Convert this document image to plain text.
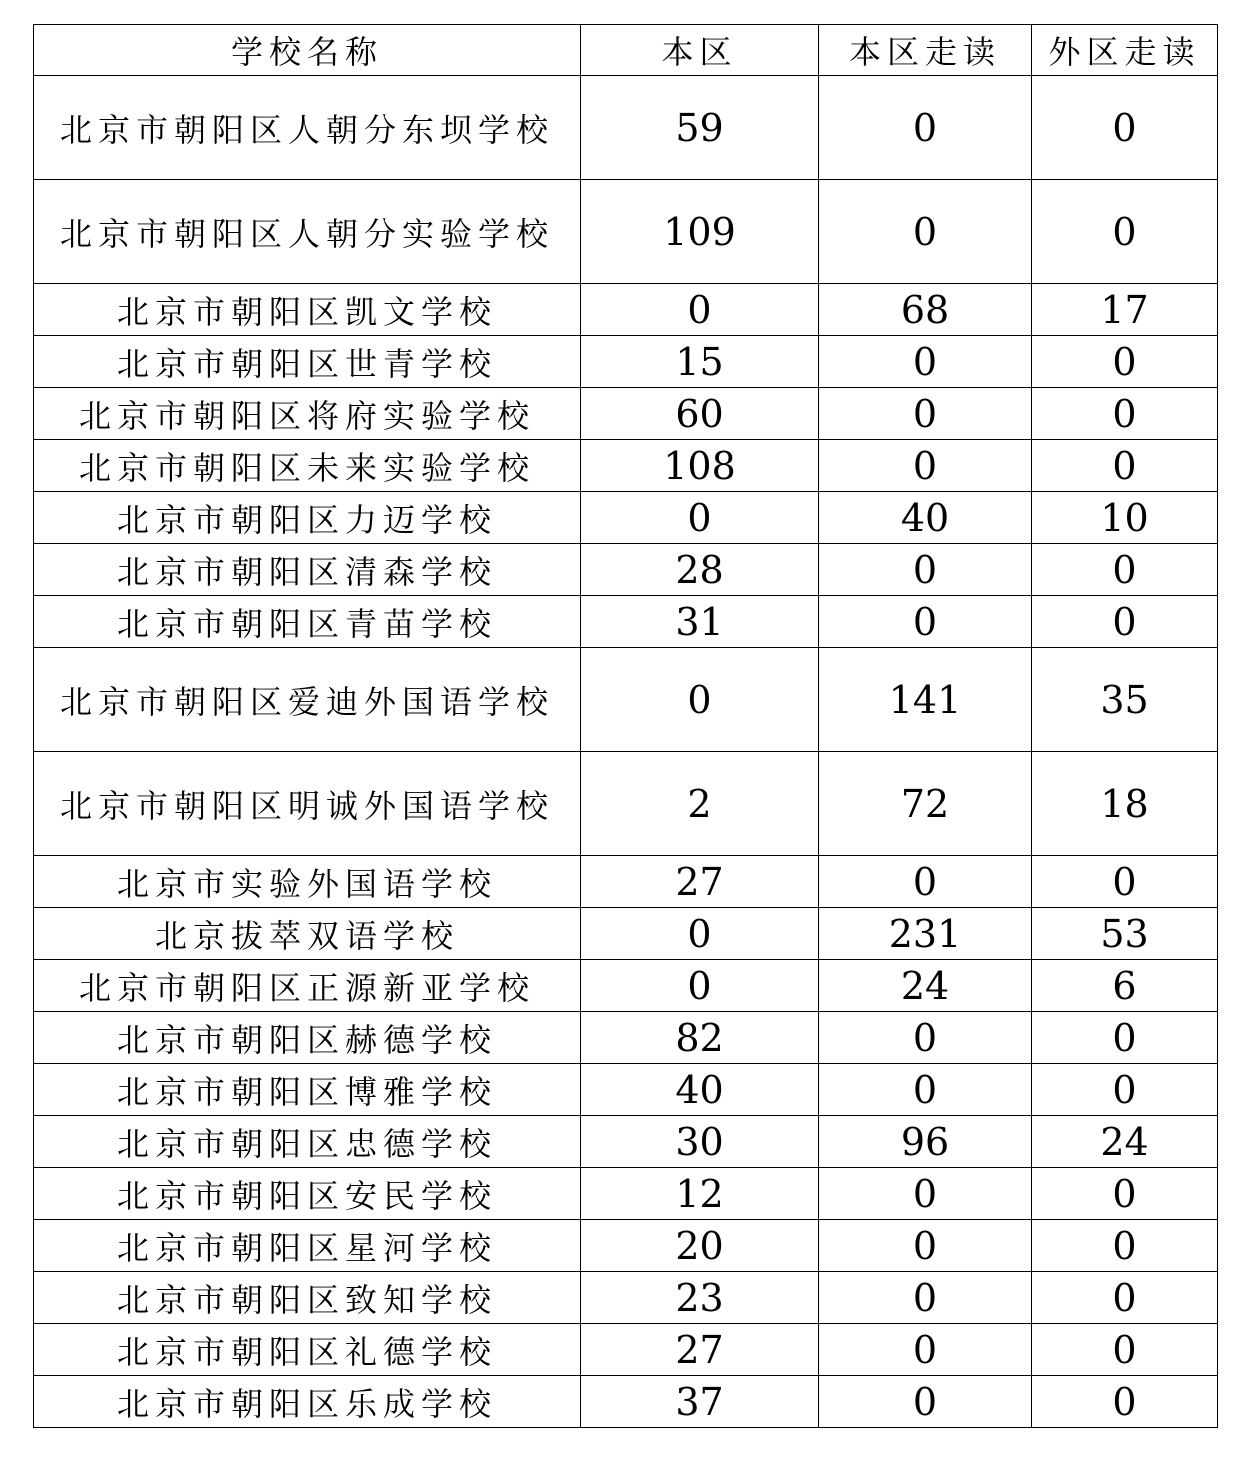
学校名称	本区	本区走读	外区走读
北京市朝阳区人朝分东坝学校	59	0	0
北京市朝阳区人朝分实验学校	109	0	0
北京市朝阳区凯文学校	0	68	17
北京市朝阳区世青学校	15	0	0
北京市朝阳区将府实验学校	60	0	0
北京市朝阳区未来实验学校	108	0	0
北京市朝阳区力迈学校	0	40	10
北京市朝阳区清森学校	28	0	0
北京市朝阳区青苗学校	31	0	0
北京市朝阳区爱迪外国语学校	0	141	35
北京市朝阳区明诚外国语学校	2	72	18
北京市实验外国语学校	27	0	0
北京拔萃双语学校	0	231	53
北京市朝阳区正源新亚学校	0	24	6
北京市朝阳区赫德学校	82	0	0
北京市朝阳区博雅学校	40	0	0
北京市朝阳区忠德学校	30	96	24
北京市朝阳区安民学校	12	0	0
北京市朝阳区星河学校	20	0	0
北京市朝阳区致知学校	23	0	0
北京市朝阳区礼德学校	27	0	0
北京市朝阳区乐成学校	37	0	0
